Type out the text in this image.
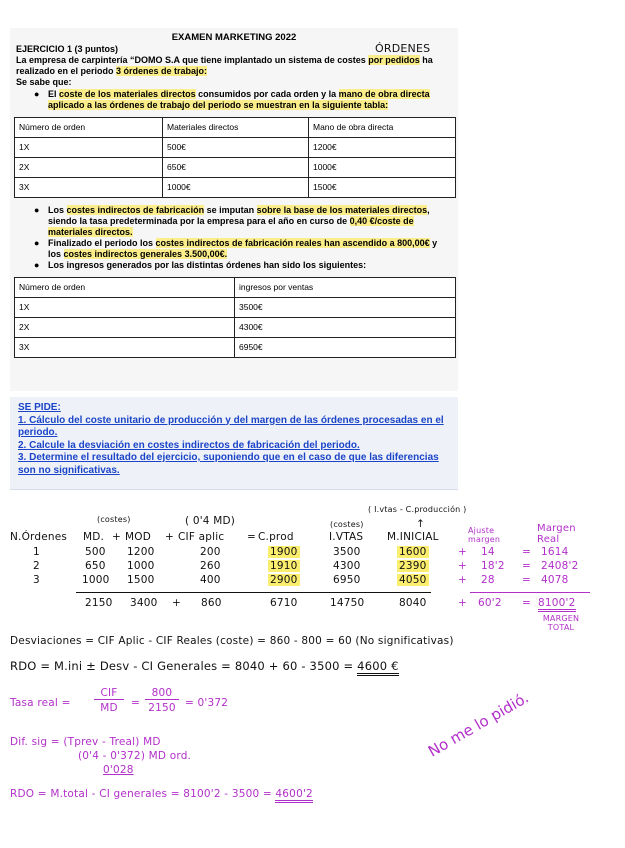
EXAMEN MARKETING 2022
EJERCICIO 1 (3 puntos)
La empresa de carpintería “DOMO S.A que tiene implantado un sistema de costes por pedidos ha
realizado en el periodo 3 órdenes de trabajo:
Se sabe que:
● El coste de los materiales directos consumidos por cada orden y la mano de obra directa
aplicado a las órdenes de trabajo del periodo se muestran en la siguiente tabla:
Número de orden	Materiales directos	Mano de obra directa
1X	500€	1200€
2X	650€	1000€
3X	1000€	1500€
● Los costes indirectos de fabricación se imputan sobre la base de los materiales directos,
siendo la tasa predeterminada por la empresa para el año en curso de 0,40 €/coste de
materiales directos.
● Finalizado el periodo los costes indirectos de fabricación reales han ascendido a 800,00€ y
los costes indirectos generales 3.500,00€.
● Los ingresos generados por las distintas órdenes han sido los siguientes:
Número de orden	ingresos por ventas
1X	3500€
2X	4300€
3X	6950€
SE PIDE:
1. Cálculo del coste unitario de producción y del margen de las órdenes procesadas en el periodo.
2. Calcule la desviación en costes indirectos de fabricación del periodo.
3. Determine el resultado del ejercicio, suponiendo que en el caso de que las diferencias son no significativas.
ÓRDENES
(costes)	( 0'4 MD)	(costes)
( I.vtas - C.producción )
↑
N.Órdenes MD. + MOD + CIF aplic = C.prod	I.VTAS M.INICIAL
Ajuste margen
Margen Real
1	500 1200	200	1900	3500	1600	+ 14	= 1614
2	650 1000	260	1910	4300	2390	+ 18'2 = 2408'2
3	1000 1500	400	2900	6950	4050	+ 28	= 4078
2150 3400 + 860	6710	14750	8040	+ 60'2 = 8100'2
MARGEN TOTAL
Desviaciones = CIF Aplic - CIF Reales (coste) = 860 - 800 = 60 (No significativas)
RDO = M.ini ± Desv - CI Generales = 8040 + 60 - 3500 = 4600 €
Tasa real =
CIF
MD	=
800
2150 = 0'372
Dif. sig = (Tprev - Treal) MD
(0'4 - 0'372) MD ord.
0'028
RDO = M.total - CI generales = 8100'2 - 3500 = 4600'2
No me lo pidió.
